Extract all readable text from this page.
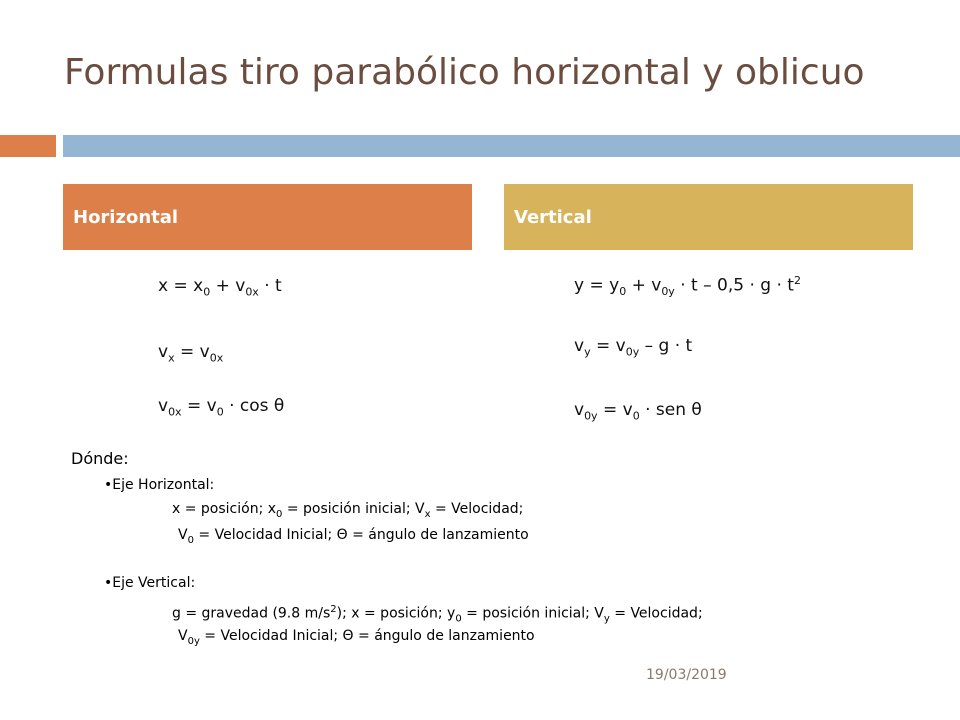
Formulas tiro parabólico horizontal y oblicuo
Horizontal	Vertical
$x = x_0 + v_{0x} \cdot t$
$v_x = v_{0x}$
$v_{0x} = v_0 \cdot \cos \theta$
$y = y_0 + v_{0y} \cdot t - 0,5 \cdot g \cdot t^2$
$v_y = v_{0y} - g \cdot t$
$v_{0y} = v_0$ · sen θ
Dónde:
•Eje Horizontal:
x = posición; $x_0$ = posición inicial; $V_x$ = Velocidad;
$V_0$ = Velocidad Inicial; Θ = ángulo de lanzamiento
•Eje Vertical:
g = gravedad (9.8 $m/s^2$); x = posición; $y_0$ = posición inicial; $V_y$ = Velocidad;
$V_{0y}$ = Velocidad Inicial; Θ = ángulo de lanzamiento
19/03/2019
